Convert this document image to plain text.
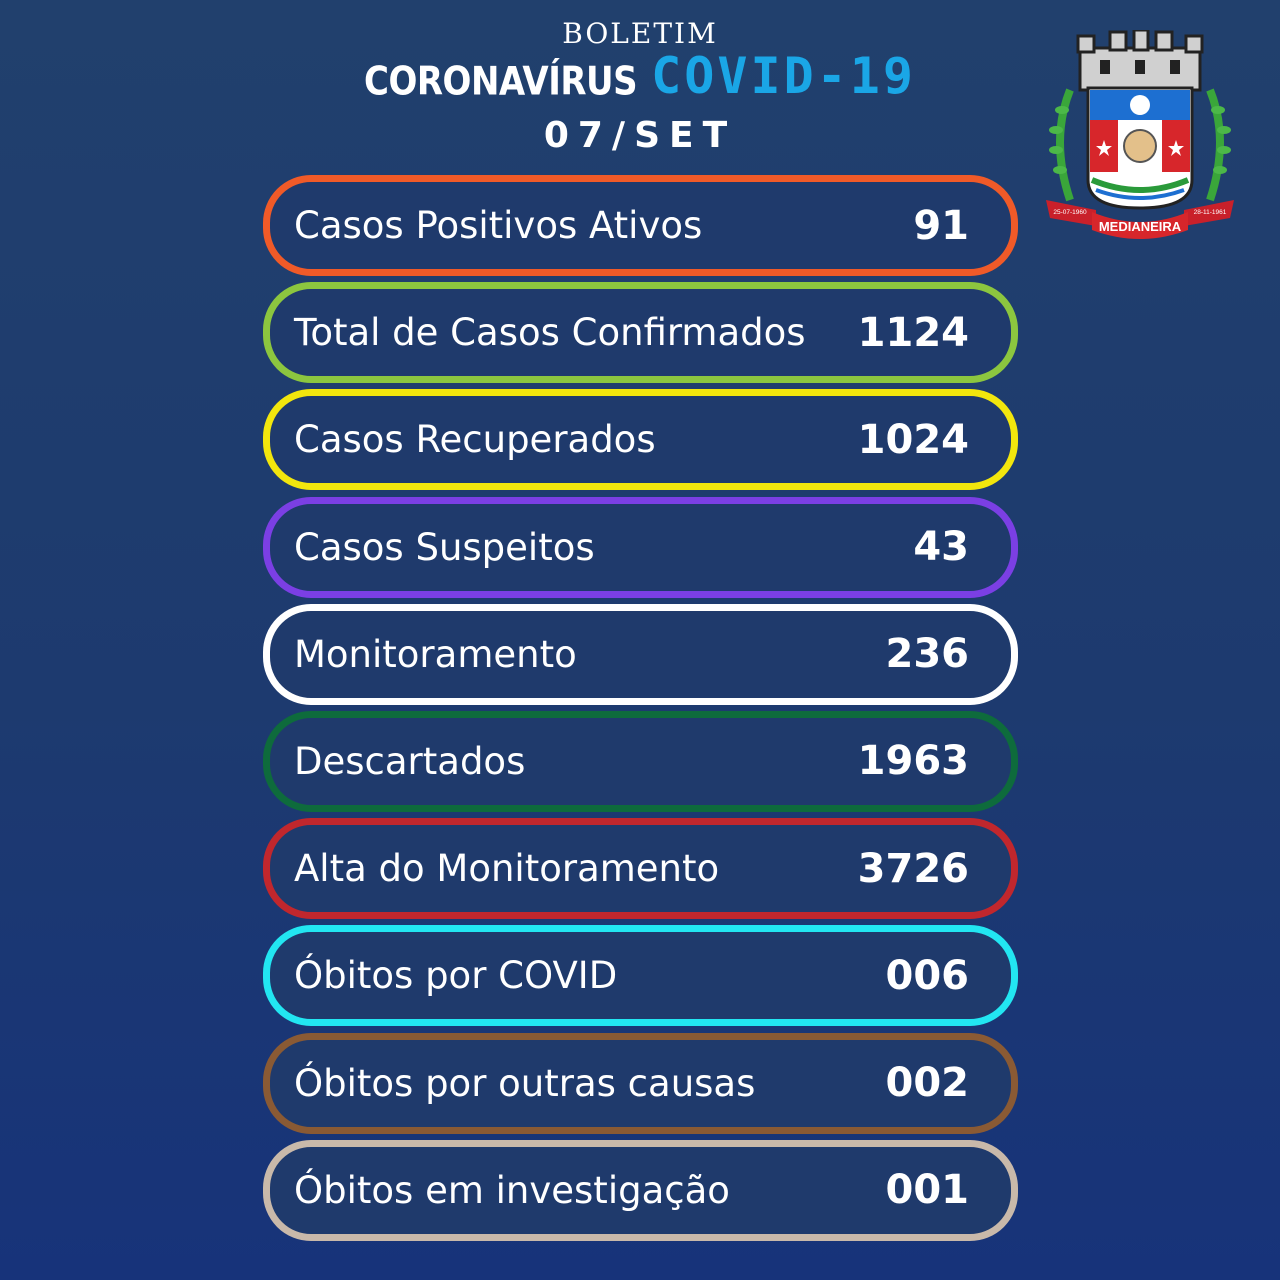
BOLETIM
CORONAVÍRUS COVID-19
07/SET
MEDIANEIRA
25-07-1960	28-11-1961
Casos Positivos Ativos	91
Total de Casos Confirmados 1124
Casos Recuperados	1024
Casos Suspeitos	43
Monitoramento	236
Descartados	1963
Alta do Monitoramento	3726
Óbitos por COVID	006
Óbitos por outras causas	002
Óbitos em investigação	001
